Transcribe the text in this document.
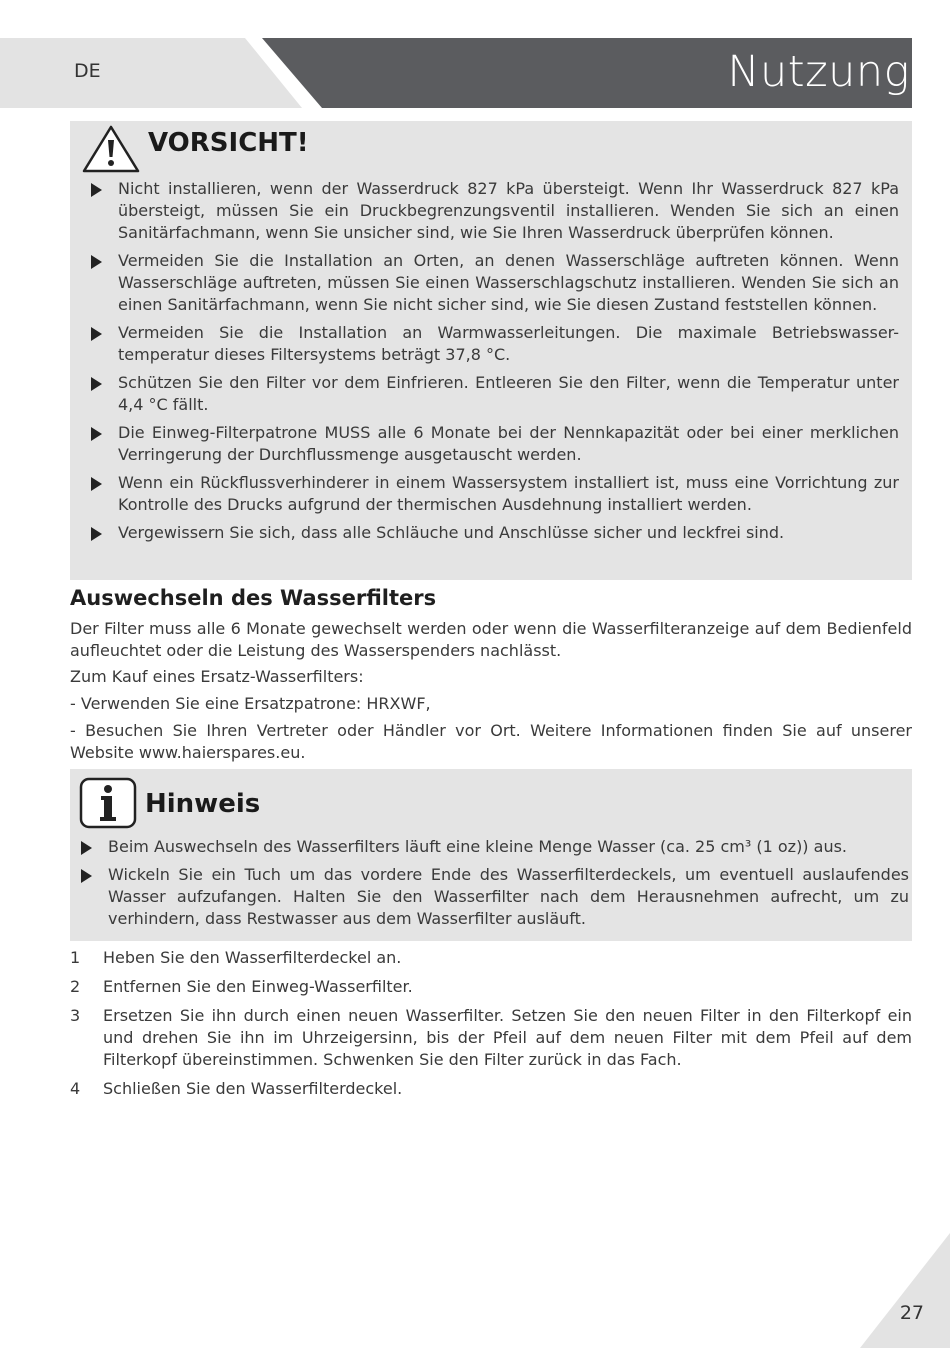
DE	Nutzung
VORSICHT!
Nicht installieren, wenn der Wasserdruck 827 kPa übersteigt. Wenn Ihr Wasserdruck 827 kPa übersteigt, müssen Sie ein Druckbegrenzungsventil installieren. Wenden Sie sich an einen Sanitärfachmann, wenn Sie unsicher sind, wie Sie Ihren Wasserdruck überprüfen können.
Vermeiden Sie die Installation an Orten, an denen Wasserschläge auftreten können. Wenn Wasserschläge auftreten, müssen Sie einen Wasserschlagschutz installieren. Wenden Sie sich an einen Sanitärfachmann, wenn Sie nicht sicher sind, wie Sie diesen Zustand feststellen können.
Vermeiden Sie die Installation an Warmwasserleitungen. Die maximale Betriebswasser-temperatur dieses Filtersystems beträgt 37,8 °C.
Schützen Sie den Filter vor dem Einfrieren. Entleeren Sie den Filter, wenn die Temperatur unter 4,4 °C fällt.
Die Einweg-Filterpatrone MUSS alle 6 Monate bei der Nennkapazität oder bei einer merklichen Verringerung der Durchflussmenge ausgetauscht werden.
Wenn ein Rückflussverhinderer in einem Wassersystem installiert ist, muss eine Vorrichtung zur Kontrolle des Drucks aufgrund der thermischen Ausdehnung installiert werden.
Vergewissern Sie sich, dass alle Schläuche und Anschlüsse sicher und leckfrei sind.
Auswechseln des Wasserfilters

Der Filter muss alle 6 Monate gewechselt werden oder wenn die Wasserfilteranzeige auf dem Bedienfeld aufleuchtet oder die Leistung des Wasserspenders nachlässt.

Zum Kauf eines Ersatz-Wasserfilters:

- Verwenden Sie eine Ersatzpatrone: HRXWF,

- Besuchen Sie Ihren Vertreter oder Händler vor Ort. Weitere Informationen finden Sie auf unserer Website www.haierspares.eu.

Hinweis
Beim Auswechseln des Wasserfilters läuft eine kleine Menge Wasser (ca. 25 cm³ (1 oz)) aus.
Wickeln Sie ein Tuch um das vordere Ende des Wasserfilterdeckels, um eventuell auslaufendes Wasser aufzufangen. Halten Sie den Wasserfilter nach dem Herausnehmen aufrecht, um zu verhindern, dass Restwasser aus dem Wasserfilter ausläuft.
1 Heben Sie den Wasserfilterdeckel an.
2 Entfernen Sie den Einweg-Wasserfilter.
3 Ersetzen Sie ihn durch einen neuen Wasserfilter. Setzen Sie den neuen Filter in den Filterkopf ein und drehen Sie ihn im Uhrzeigersinn, bis der Pfeil auf dem neuen Filter mit dem Pfeil auf dem Filterkopf übereinstimmen. Schwenken Sie den Filter zurück in das Fach.
4 Schließen Sie den Wasserfilterdeckel.
27
